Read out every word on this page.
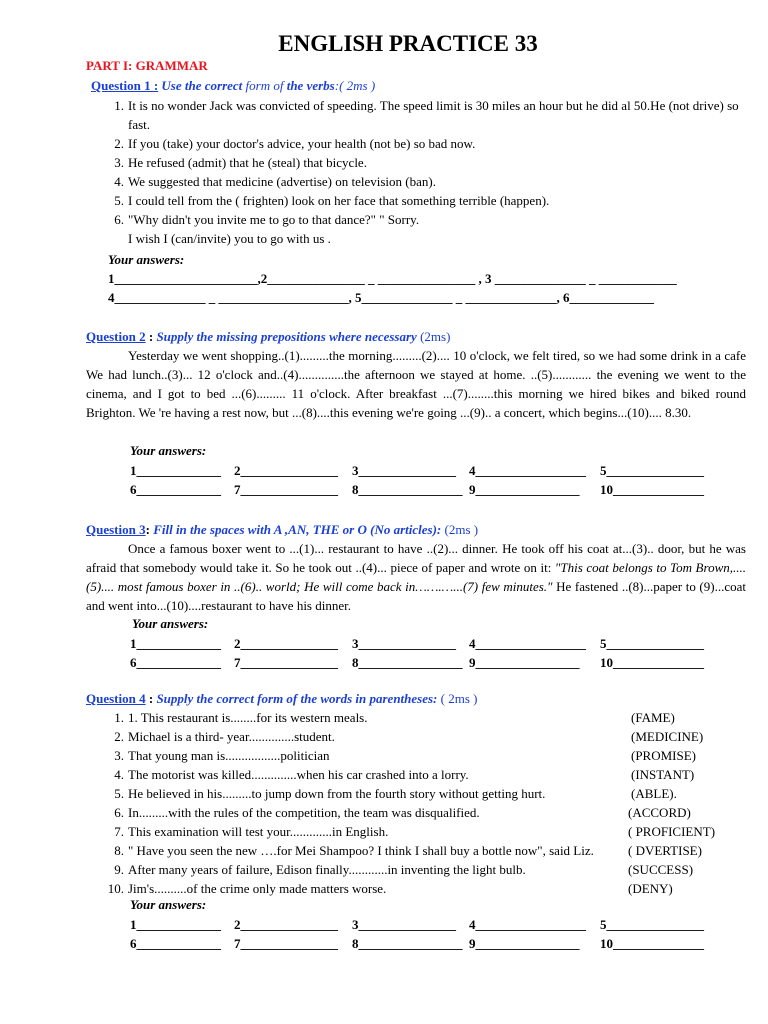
ENGLISH PRACTICE 33
PART I: GRAMMAR
Question 1 : Use the correct form of the verbs:( 2ms )
1 . It is no wonder Jack was convicted of speeding. The speed limit is 30 miles an hour but he did al 50.He (not drive) so fast.
2 . If you (take) your doctor's advice, your health (not be) so bad now.
3 . He refused (admit) that he (steal) that bicycle.
4 . We suggested that medicine (advertise) on television (ban).
5 . I could tell from the ( frighten) look on her face that something terrible (happen).
6 . "Why didn't you invite me to go to that dance?" " Sorry.
I wish I (can/invite) you to go with us .
Your answers:
1______________________,2_______________ _ _______________ , 3 ______________ _ ____________
4______________ _ ____________________, 5______________ _ ______________, 6_____________
Question 2 : Supply the missing prepositions where necessary (2ms)

Yesterday we went shopping..(1).........the morning.........(2).... 10 o'clock, we felt tired, so we had some drink in a cafe We had lunch..(3)... 12 o'clock and..(4)..............the afternoon we stayed at home. ..(5)............ the evening we went to the cinema, and I got to bed ...(6)......... 11 o'clock. After breakfast ...(7)........this morning we hired bikes and biked round Brighton. We 're having a rest now, but ...(8)....this evening we're going ...(9).. a concert, which begins...(10).... 8.30.

Your answers:
1_____________ 2_______________ 3_______________ 4_________________ 5_______________
6_____________ 7_______________ 8________________ 9________________ 10______________
Question 3: Fill in the spaces with A ,AN, THE or O (No articles): (2ms )

Once a famous boxer went to ...(1)... restaurant to have ..(2)... dinner. He took off his coat at...(3).. door, but he was afraid that somebody would take it. So he took out ..(4)... piece of paper and wrote on it: "This coat belongs to Tom Brown,....(5).... most famous boxer in ..(6).. world; He will come back in…….…...(7) few minutes." He fastened ..(8)...paper to (9)...coat and went into...(10)....restaurant to have his dinner.

Your answers:
1_____________ 2_______________ 3_______________ 4_________________ 5_______________
6_____________ 7_______________ 8________________ 9________________ 10______________
Question 4 : Supply the correct form of the words in parentheses: ( 2ms )
1 . 1. This restaurant is........for its western meals.	(FAME)
2 . Michael is a third- year..............student.	(MEDICINE)
3 . That young man is.................politician	(PROMISE)
4 . The motorist was killed..............when his car crashed into a lorry.	(INSTANT)
5 . He believed in his.........to jump down from the fourth story without getting hurt.	(ABLE).
6 . In.........with the rules of the competition, the team was disqualified.	(ACCORD)
7 . This examination will test your.............in English.	( PROFICIENT)
8 . " Have you seen the new ….for Mei Shampoo? I think I shall buy a bottle now", said Liz.	( DVERTISE)
9 . After many years of failure, Edison finally............in inventing the light bulb.	(SUCCESS)
10 . Jim's..........of the crime only made matters worse.	(DENY)
Your answers:
1_____________ 2_______________ 3_______________ 4_________________ 5_______________
6_____________ 7_______________ 8________________ 9________________ 10______________
